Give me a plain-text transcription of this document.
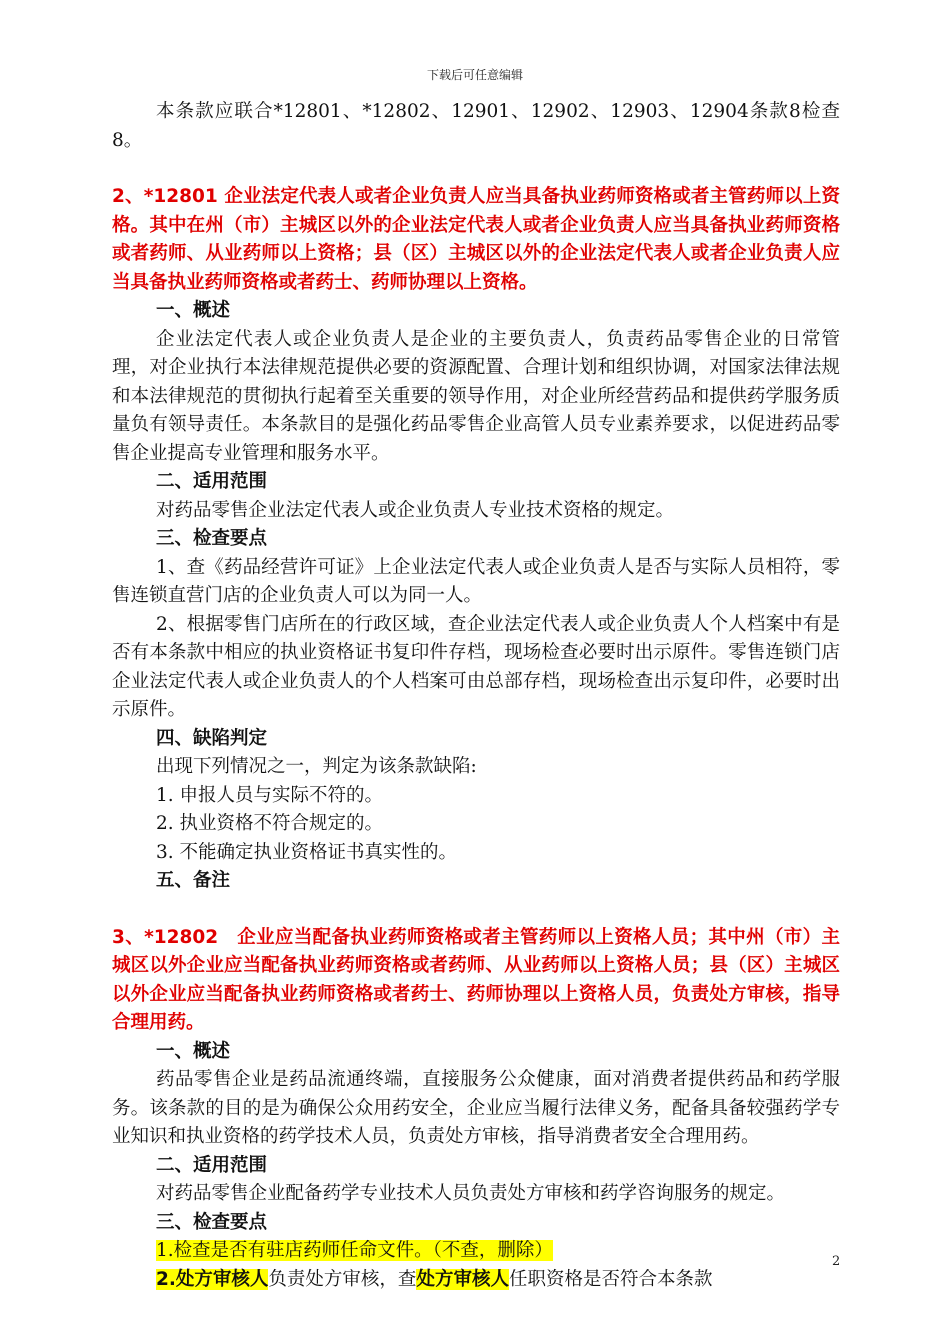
下载后可任意编辑

本条款应联合*12801、*12802、12901、12902、12903、12904条款8检查8。

2、*12801 企业法定代表人或者企业负责人应当具备执业药师资格或者主管药师以上资格。其中在州（市）主城区以外的企业法定代表人或者企业负责人应当具备执业药师资格或者药师、从业药师以上资格；县（区）主城区以外的企业法定代表人或者企业负责人应当具备执业药师资格或者药士、药师协理以上资格。

一、概述

企业法定代表人或企业负责人是企业的主要负责人，负责药品零售企业的日常管理，对企业执行本法律规范提供必要的资源配置、合理计划和组织协调，对国家法律法规和本法律规范的贯彻执行起着至关重要的领导作用，对企业所经营药品和提供药学服务质量负有领导责任。本条款目的是强化药品零售企业高管人员专业素养要求，以促进药品零售企业提高专业管理和服务水平。

二、适用范围

对药品零售企业法定代表人或企业负责人专业技术资格的规定。

三、检查要点

1、查《药品经营许可证》上企业法定代表人或企业负责人是否与实际人员相符，零售连锁直营门店的企业负责人可以为同一人。

2、根据零售门店所在的行政区域，查企业法定代表人或企业负责人个人档案中有是否有本条款中相应的执业资格证书复印件存档，现场检查必要时出示原件。零售连锁门店企业法定代表人或企业负责人的个人档案可由总部存档，现场检查出示复印件，必要时出示原件。

四、缺陷判定

出现下列情况之一，判定为该条款缺陷:

1. 申报人员与实际不符的。

2. 执业资格不符合规定的。

3. 不能确定执业资格证书真实性的。

五、备注

3、*12802　企业应当配备执业药师资格或者主管药师以上资格人员；其中州（市）主城区以外企业应当配备执业药师资格或者药师、从业药师以上资格人员；县（区）主城区以外企业应当配备执业药师资格或者药士、药师协理以上资格人员，负责处方审核，指导合理用药。

一、概述

药品零售企业是药品流通终端，直接服务公众健康，面对消费者提供药品和药学服务。该条款的目的是为确保公众用药安全，企业应当履行法律义务，配备具备较强药学专业知识和执业资格的药学技术人员，负责处方审核，指导消费者安全合理用药。

二、适用范围

对药品零售企业配备药学专业技术人员负责处方审核和药学咨询服务的规定。

三、检查要点

1.检查是否有驻店药师任命文件。（不查，删除）

2.处方审核人负责处方审核，查处方审核人任职资格是否符合本条款

2
